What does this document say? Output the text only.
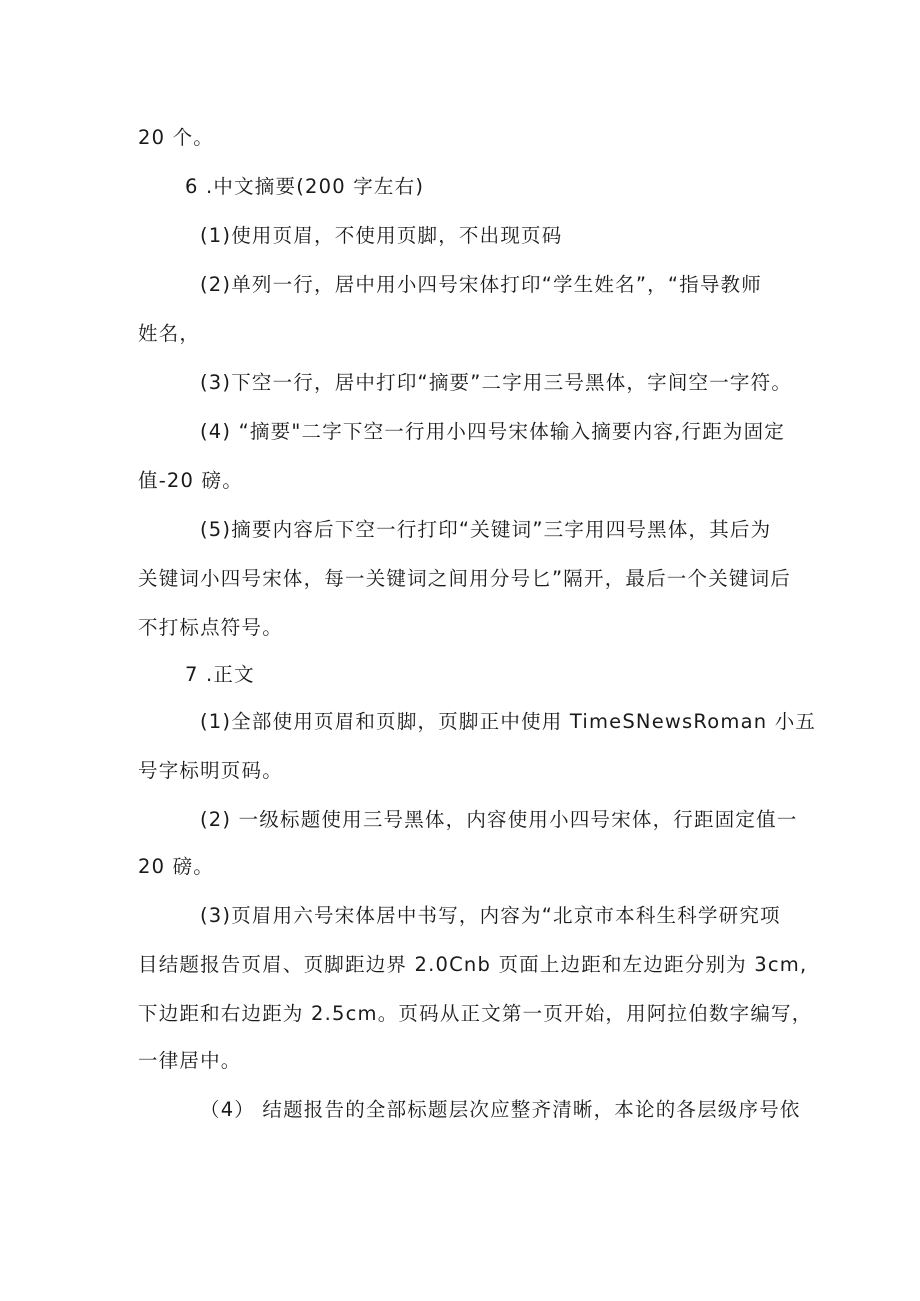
20 个。
6 .中文摘要(200 字左右)
(1)使用页眉，不使用页脚，不出现页码
(2)单列一行，居中用小四号宋体打印“学生姓名”，“指导教师
姓名，
(3)下空一行，居中打印“摘要”二字用三号黑体，字间空一字符。
(4) “摘要"二字下空一行用小四号宋体输入摘要内容,行距为固定
值-20 磅。
(5)摘要内容后下空一行打印“关键词”三字用四号黑体，其后为
关键词小四号宋体，每一关键词之间用分号匕”隔开，最后一个关键词后
不打标点符号。
7 .正文
(1)全部使用页眉和页脚，页脚正中使用 TimeSNewsRoman 小五
号字标明页码。
(2) 一级标题使用三号黑体，内容使用小四号宋体，行距固定值一
20 磅。
(3)页眉用六号宋体居中书写，内容为“北京市本科生科学研究项
目结题报告页眉、页脚距边界 2.0Cnb 页面上边距和左边距分别为 3cm,
下边距和右边距为 2.5cm。页码从正文第一页开始，用阿拉伯数字编写，
一律居中。
（4） 结题报告的全部标题层次应整齐清晰，本论的各层级序号依
